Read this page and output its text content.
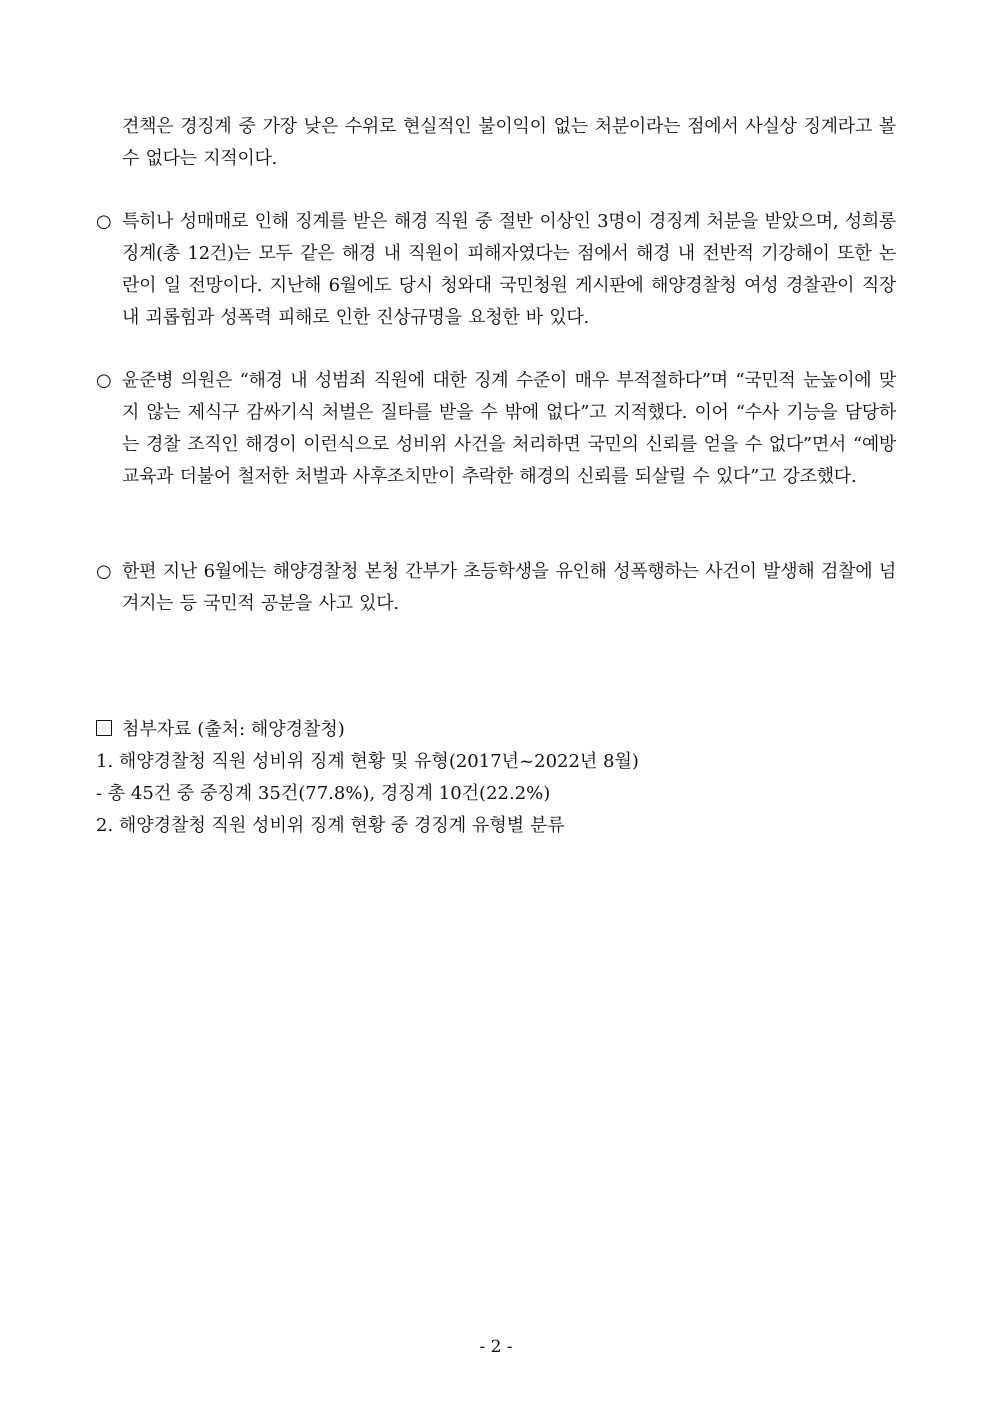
견책은 경징계 중 가장 낮은 수위로 현실적인 불이익이 없는 처분이라는 점에서 사실상 징계라고 볼 수 없다는 지적이다.
○ 특히나 성매매로 인해 징계를 받은 해경 직원 중 절반 이상인 3명이 경징계 처분을 받았으며, 성희롱 징계(총 12건)는 모두 같은 해경 내 직원이 피해자였다는 점에서 해경 내 전반적 기강해이 또한 논란이 일 전망이다. 지난해 6월에도 당시 청와대 국민청원 게시판에 해양경찰청 여성 경찰관이 직장 내 괴롭힘과 성폭력 피해로 인한 진상규명을 요청한 바 있다.
○ 윤준병 의원은 “해경 내 성범죄 직원에 대한 징계 수준이 매우 부적절하다”며 “국민적 눈높이에 맞지 않는 제식구 감싸기식 처벌은 질타를 받을 수 밖에 없다”고 지적했다. 이어 “수사 기능을 담당하는 경찰 조직인 해경이 이런식으로 성비위 사건을 처리하면 국민의 신뢰를 얻을 수 없다”면서 “예방교육과 더불어 철저한 처벌과 사후조치만이 추락한 해경의 신뢰를 되살릴 수 있다”고 강조했다.
○ 한편 지난 6월에는 해양경찰청 본청 간부가 초등학생을 유인해 성폭행하는 사건이 발생해 검찰에 넘겨지는 등 국민적 공분을 사고 있다.
첨부자료 (출처: 해양경찰청)
1. 해양경찰청 직원 성비위 징계 현황 및 유형(2017년~2022년 8월)
- 총 45건 중 중징계 35건(77.8%), 경징계 10건(22.2%)
2. 해양경찰청 직원 성비위 징계 현황 중 경징계 유형별 분류
- 2 -
